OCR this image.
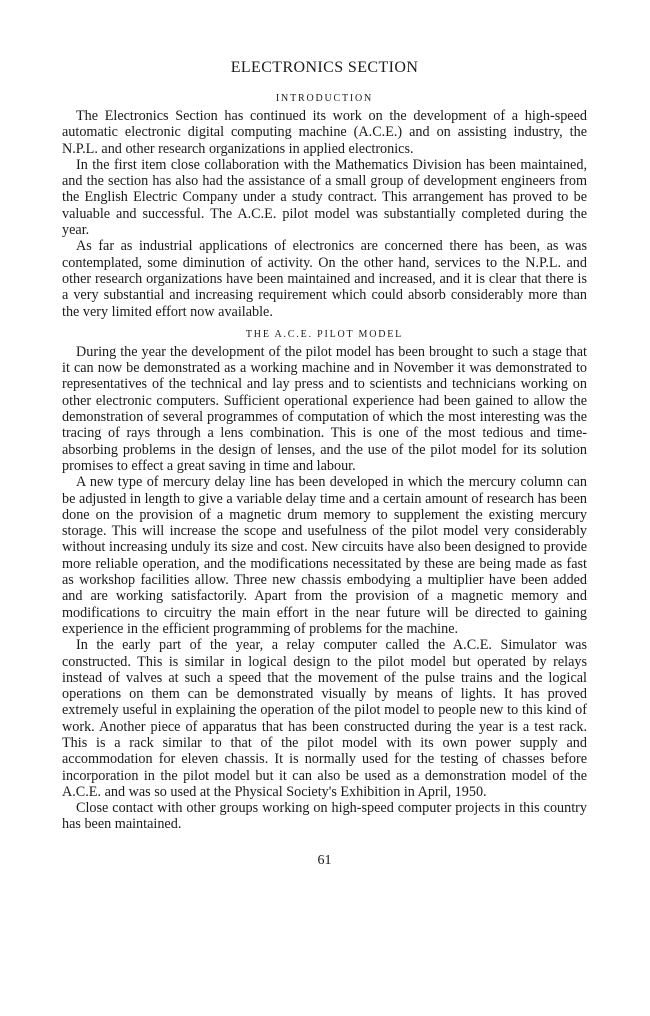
ELECTRONICS SECTION
INTRODUCTION

The Electronics Section has continued its work on the development of a high-speed automatic electronic digital computing machine (A.C.E.) and on assisting industry, the N.P.L. and other research organizations in applied electronics.

In the first item close collaboration with the Mathematics Division has been maintained, and the section has also had the assistance of a small group of development engineers from the English Electric Company under a study contract. This arrangement has proved to be valuable and successful. The A.C.E. pilot model was substantially completed during the year.

As far as industrial applications of electronics are concerned there has been, as was contemplated, some diminution of activity. On the other hand, services to the N.P.L. and other research organizations have been maintained and increased, and it is clear that there is a very substantial and increasing requirement which could absorb considerably more than the very limited effort now available.

THE A.C.E. PILOT MODEL

During the year the development of the pilot model has been brought to such a stage that it can now be demonstrated as a working machine and in November it was demonstrated to representatives of the technical and lay press and to scientists and technicians working on other electronic computers. Sufficient operational experience had been gained to allow the demonstration of several programmes of computation of which the most interesting was the tracing of rays through a lens combination. This is one of the most tedious and time-absorbing problems in the design of lenses, and the use of the pilot model for its solution promises to effect a great saving in time and labour.

A new type of mercury delay line has been developed in which the mercury column can be adjusted in length to give a variable delay time and a certain amount of research has been done on the provision of a magnetic drum memory to supplement the existing mercury storage. This will increase the scope and usefulness of the pilot model very considerably without increasing unduly its size and cost. New circuits have also been designed to provide more reliable operation, and the modifications necessitated by these are being made as fast as workshop facilities allow. Three new chassis embodying a multiplier have been added and are working satisfactorily. Apart from the provision of a magnetic memory and modifications to circuitry the main effort in the near future will be directed to gaining experience in the efficient programming of problems for the machine.

In the early part of the year, a relay computer called the A.C.E. Simulator was constructed. This is similar in logical design to the pilot model but operated by relays instead of valves at such a speed that the movement of the pulse trains and the logical operations on them can be demonstrated visually by means of lights. It has proved extremely useful in explaining the operation of the pilot model to people new to this kind of work. Another piece of apparatus that has been constructed during the year is a test rack. This is a rack similar to that of the pilot model with its own power supply and accommodation for eleven chassis. It is normally used for the testing of chasses before incorporation in the pilot model but it can also be used as a demonstration model of the A.C.E. and was so used at the Physical Society's Exhibition in April, 1950.

Close contact with other groups working on high-speed computer projects in this country has been maintained.

61
